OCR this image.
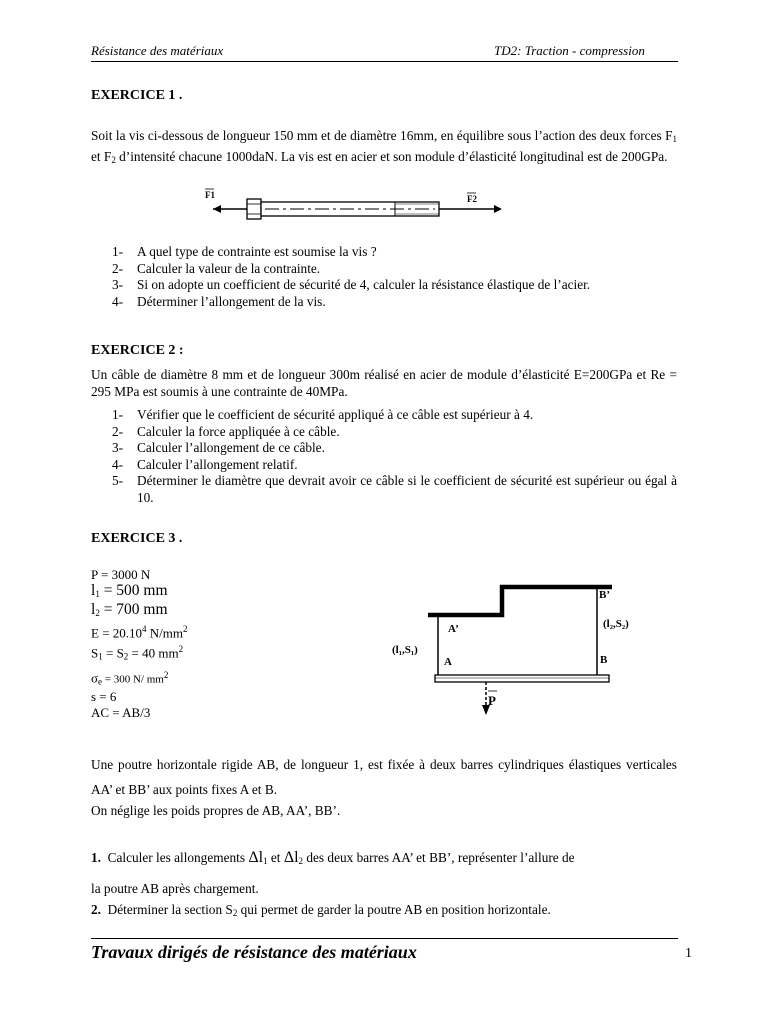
Résistance des matériaux	TD2: Traction - compression
EXERCICE 1 .
Soit la vis ci-dessous de longueur 150 mm et de diamètre 16mm, en équilibre sous l’action des deux forces $F_1$ et $F_2$ d’intensité chacune 1000daN. La vis est en acier et son module d’élasticité longitudinal est de 200GPa.
F1	F2
1- A quel type de contrainte est soumise la vis ?
2- Calculer la valeur de la contrainte.
3- Si on adopte un coefficient de sécurité de 4, calculer la résistance élastique de l’acier.
4- Déterminer l’allongement de la vis.
EXERCICE 2 :
Un câble de diamètre 8 mm et de longueur 300m réalisé en acier de module d’élasticité E=200GPa et Re = 295 MPa est soumis à une contrainte de 40MPa.
1- Vérifier que le coefficient de sécurité appliqué à ce câble est supérieur à 4.
2- Calculer la force appliquée à ce câble.
3- Calculer l’allongement de ce câble.
4- Calculer l’allongement relatif.
5- Déterminer le diamètre que devrait avoir ce câble si le coefficient de sécurité est supérieur ou égal à 10.
EXERCICE 3 .
P = 3000 N
$l_1 = 500$ mm
$l_2 = 700$ mm
$E = 20.10^4$ $N/mm^2$
$S_1 = S_2 = 40$ $mm^2$
$\sigma_e = 300$ N/ $mm^2$
s = 6
AC = AB/3
P
B’
(l₂,S₂)
A’
(l₁,S₁)
A	B
Une poutre horizontale rigide AB, de longueur 1, est fixée à deux barres cylindriques élastiques verticales AA’ et BB’ aux points fixes A et B.
On néglige les poids propres de AB, AA’, BB’.
1. Calculer les allongements $\Delta l_1$ et $\Delta l_2$ des deux barres AA’ et BB’, représenter l’allure de
la poutre AB après chargement.
2. Déterminer la section $S_2$ qui permet de garder la poutre AB en position horizontale.
Travaux dirigés de résistance des matériaux	1
